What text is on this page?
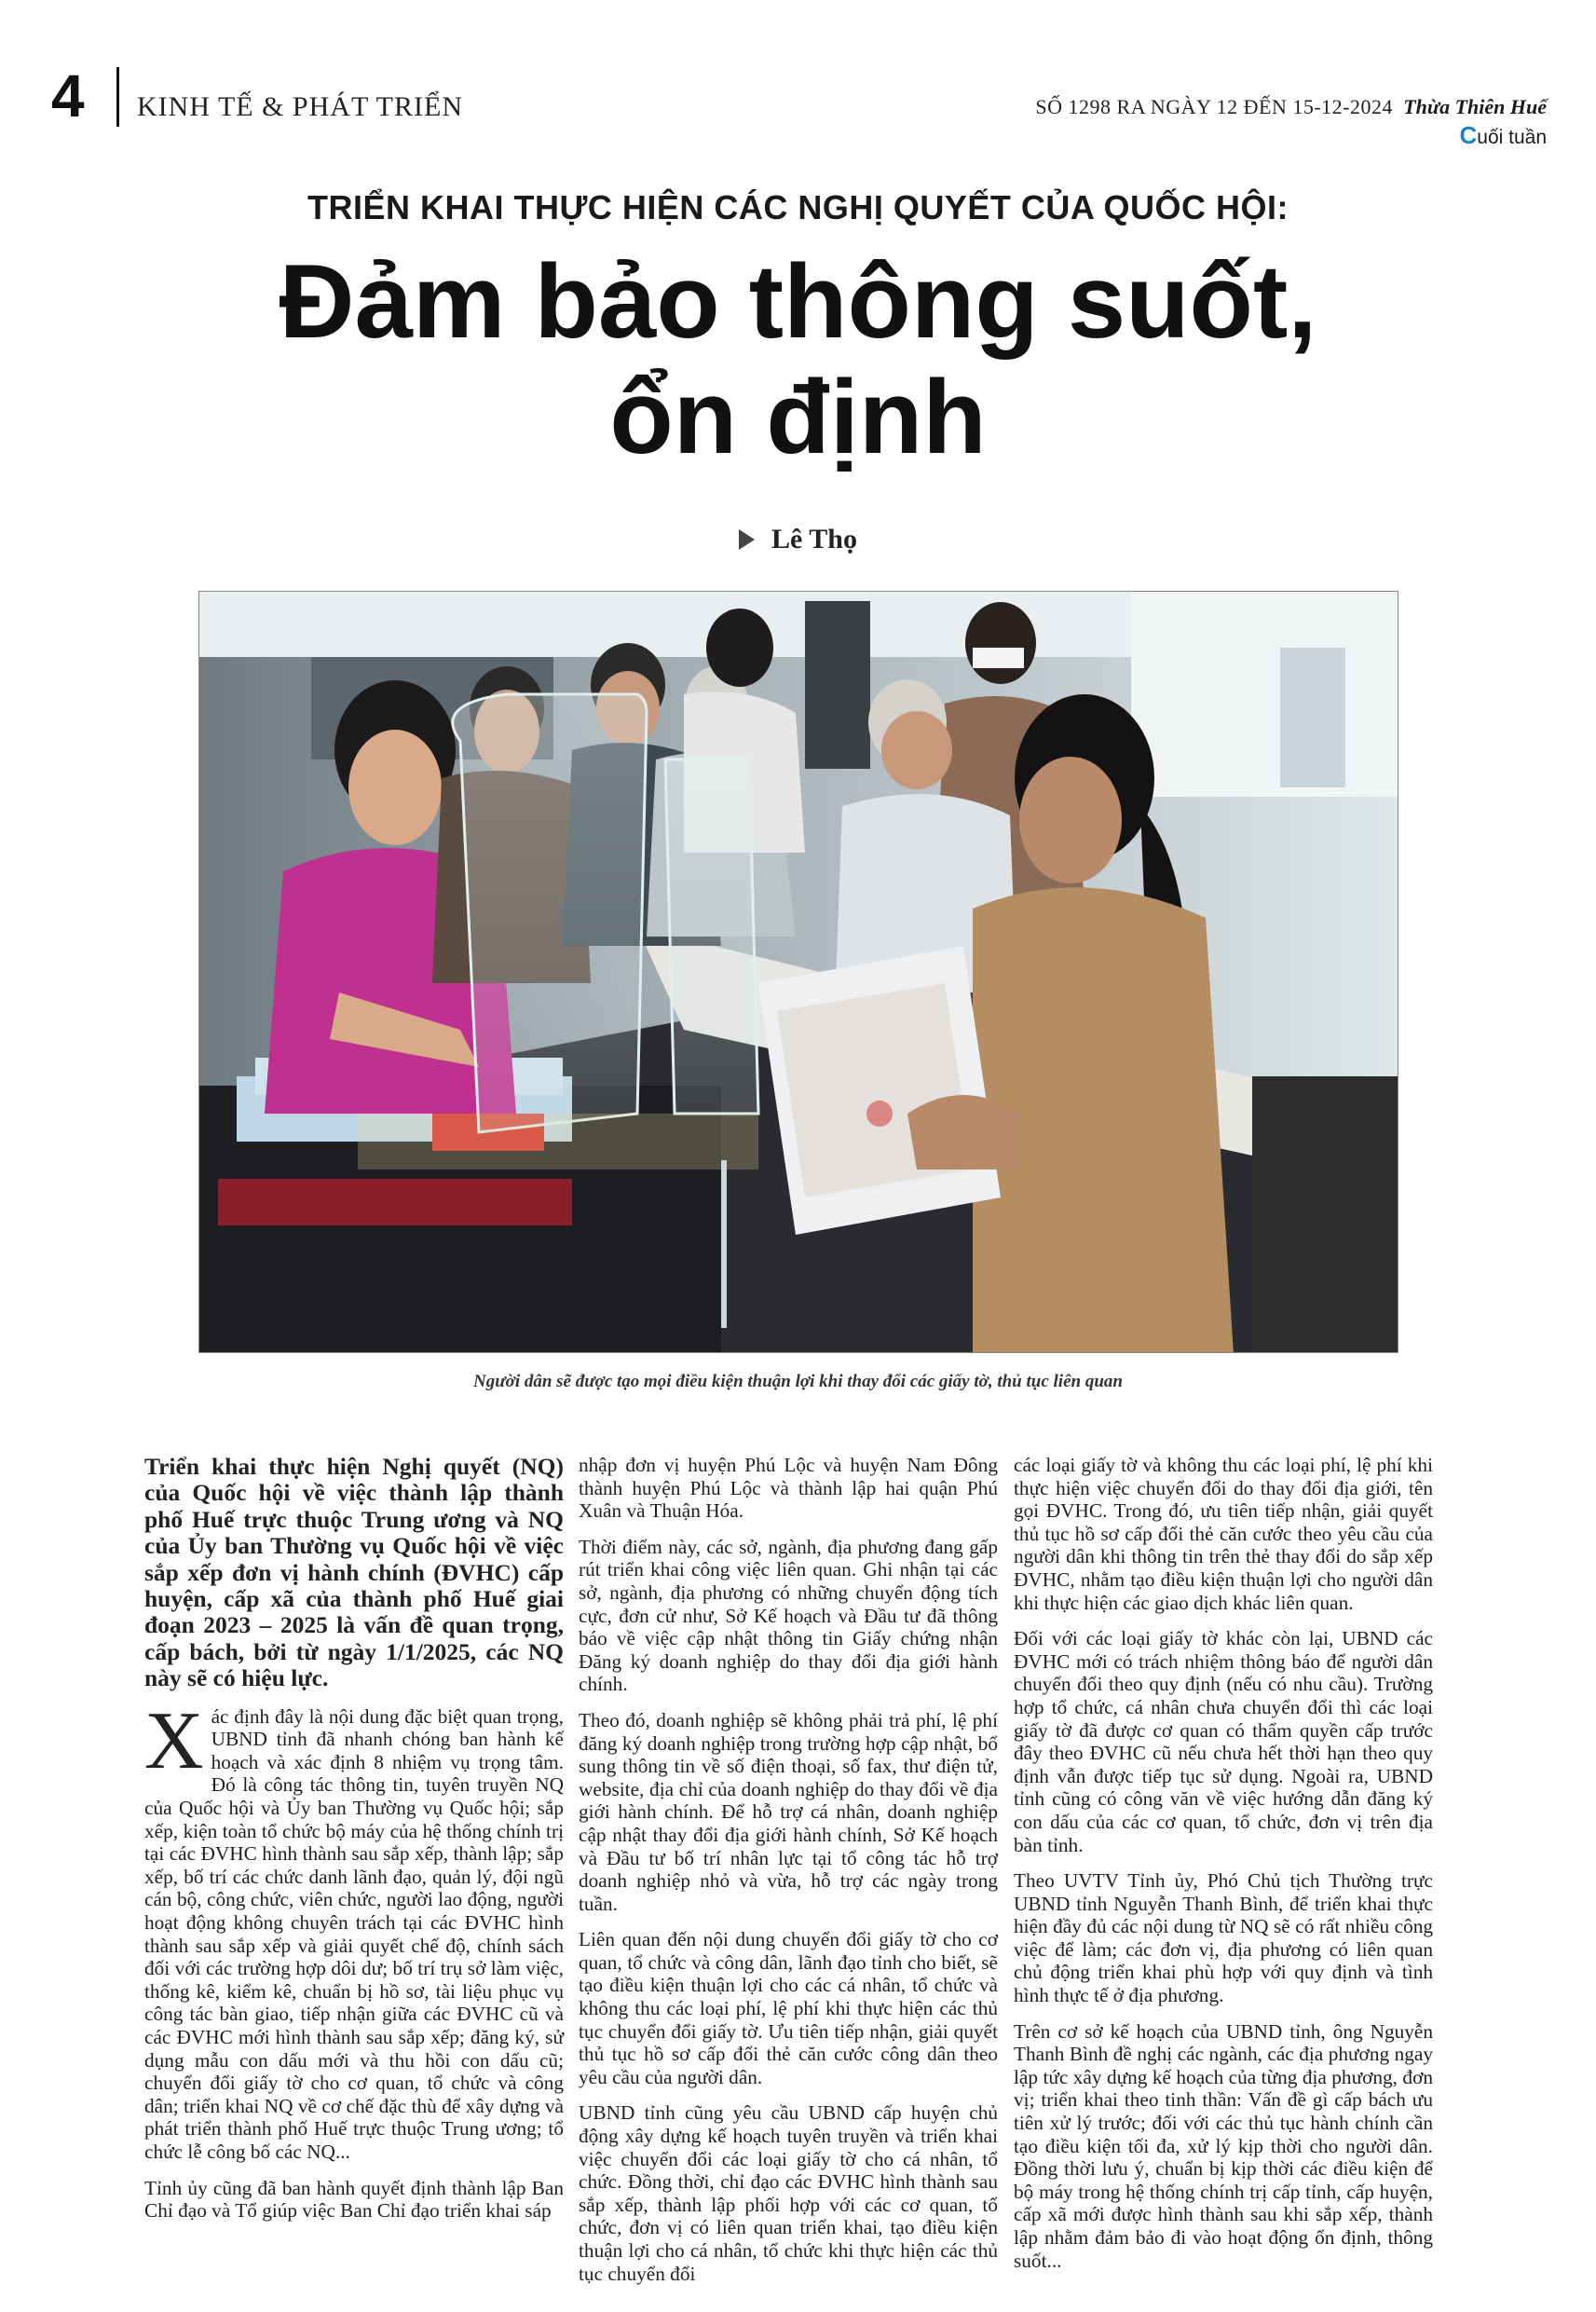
4 KINH TẾ & PHÁT TRIỂN	SỐ 1298 RA NGÀY 12 ĐẾN 15-12-2024 Thừa Thiên Huế
Cuối tuần
TRIỂN KHAI THỰC HIỆN CÁC NGHỊ QUYẾT CỦA QUỐC HỘI:
Đảm bảo thông suốt,
ổn định
Lê Thọ
Người dân sẽ được tạo mọi điều kiện thuận lợi khi thay đổi các giấy tờ, thủ tục liên quan

Triển khai thực hiện Nghị quyết (NQ) của Quốc hội về việc thành lập thành phố Huế trực thuộc Trung ương và NQ của Ủy ban Thường vụ Quốc hội về việc sắp xếp đơn vị hành chính (ĐVHC) cấp huyện, cấp xã của thành phố Huế giai đoạn 2023 – 2025 là vấn đề quan trọng, cấp bách, bởi từ ngày 1/1/2025, các NQ này sẽ có hiệu lực.

Xác định đây là nội dung đặc biệt quan trọng, UBND tỉnh đã nhanh chóng ban hành kế hoạch và xác định 8 nhiệm vụ trọng tâm. Đó là công tác thông tin, tuyên truyền NQ của Quốc hội và Ủy ban Thường vụ Quốc hội; sắp xếp, kiện toàn tổ chức bộ máy của hệ thống chính trị tại các ĐVHC hình thành sau sắp xếp, thành lập; sắp xếp, bố trí các chức danh lãnh đạo, quản lý, đội ngũ cán bộ, công chức, viên chức, người lao động, người hoạt động không chuyên trách tại các ĐVHC hình thành sau sắp xếp và giải quyết chế độ, chính sách đối với các trường hợp dôi dư; bố trí trụ sở làm việc, thống kê, kiểm kê, chuẩn bị hồ sơ, tài liệu phục vụ công tác bàn giao, tiếp nhận giữa các ĐVHC cũ và các ĐVHC mới hình thành sau sắp xếp; đăng ký, sử dụng mẫu con dấu mới và thu hồi con dấu cũ; chuyển đổi giấy tờ cho cơ quan, tổ chức và công dân; triển khai NQ về cơ chế đặc thù để xây dựng và phát triển thành phố Huế trực thuộc Trung ương; tổ chức lễ công bố các NQ...

Tỉnh ủy cũng đã ban hành quyết định thành lập Ban Chỉ đạo và Tổ giúp việc Ban Chỉ đạo triển khai sáp

nhập đơn vị huyện Phú Lộc và huyện Nam Đông thành huyện Phú Lộc và thành lập hai quận Phú Xuân và Thuận Hóa.

Thời điểm này, các sở, ngành, địa phương đang gấp rút triển khai công việc liên quan. Ghi nhận tại các sở, ngành, địa phương có những chuyển động tích cực, đơn cử như, Sở Kế hoạch và Đầu tư đã thông báo về việc cập nhật thông tin Giấy chứng nhận Đăng ký doanh nghiệp do thay đổi địa giới hành chính.

Theo đó, doanh nghiệp sẽ không phải trả phí, lệ phí đăng ký doanh nghiệp trong trường hợp cập nhật, bổ sung thông tin về số điện thoại, số fax, thư điện tử, website, địa chỉ của doanh nghiệp do thay đổi về địa giới hành chính. Để hỗ trợ cá nhân, doanh nghiệp cập nhật thay đổi địa giới hành chính, Sở Kế hoạch và Đầu tư bố trí nhân lực tại tổ công tác hỗ trợ doanh nghiệp nhỏ và vừa, hỗ trợ các ngày trong tuần.

Liên quan đến nội dung chuyển đổi giấy tờ cho cơ quan, tổ chức và công dân, lãnh đạo tỉnh cho biết, sẽ tạo điều kiện thuận lợi cho các cá nhân, tổ chức và không thu các loại phí, lệ phí khi thực hiện các thủ tục chuyển đổi giấy tờ. Ưu tiên tiếp nhận, giải quyết thủ tục hồ sơ cấp đổi thẻ căn cước công dân theo yêu cầu của người dân.

UBND tỉnh cũng yêu cầu UBND cấp huyện chủ động xây dựng kế hoạch tuyên truyền và triển khai việc chuyển đổi các loại giấy tờ cho cá nhân, tổ chức. Đồng thời, chỉ đạo các ĐVHC hình thành sau sắp xếp, thành lập phối hợp với các cơ quan, tổ chức, đơn vị có liên quan triển khai, tạo điều kiện thuận lợi cho cá nhân, tổ chức khi thực hiện các thủ tục chuyển đổi

các loại giấy tờ và không thu các loại phí, lệ phí khi thực hiện việc chuyển đổi do thay đổi địa giới, tên gọi ĐVHC. Trong đó, ưu tiên tiếp nhận, giải quyết thủ tục hồ sơ cấp đổi thẻ căn cước theo yêu cầu của người dân khi thông tin trên thẻ thay đổi do sắp xếp ĐVHC, nhằm tạo điều kiện thuận lợi cho người dân khi thực hiện các giao dịch khác liên quan.

Đối với các loại giấy tờ khác còn lại, UBND các ĐVHC mới có trách nhiệm thông báo để người dân chuyển đổi theo quy định (nếu có nhu cầu). Trường hợp tổ chức, cá nhân chưa chuyển đổi thì các loại giấy tờ đã được cơ quan có thẩm quyền cấp trước đây theo ĐVHC cũ nếu chưa hết thời hạn theo quy định vẫn được tiếp tục sử dụng. Ngoài ra, UBND tỉnh cũng có công văn về việc hướng dẫn đăng ký con dấu của các cơ quan, tổ chức, đơn vị trên địa bàn tỉnh.

Theo UVTV Tỉnh ủy, Phó Chủ tịch Thường trực UBND tỉnh Nguyễn Thanh Bình, để triển khai thực hiện đầy đủ các nội dung từ NQ sẽ có rất nhiều công việc để làm; các đơn vị, địa phương có liên quan chủ động triển khai phù hợp với quy định và tình hình thực tế ở địa phương.

Trên cơ sở kế hoạch của UBND tỉnh, ông Nguyễn Thanh Bình đề nghị các ngành, các địa phương ngay lập tức xây dựng kế hoạch của từng địa phương, đơn vị; triển khai theo tinh thần: Vấn đề gì cấp bách ưu tiên xử lý trước; đối với các thủ tục hành chính cần tạo điều kiện tối đa, xử lý kịp thời cho người dân. Đồng thời lưu ý, chuẩn bị kịp thời các điều kiện để bộ máy trong hệ thống chính trị cấp tỉnh, cấp huyện, cấp xã mới được hình thành sau khi sắp xếp, thành lập nhằm đảm bảo đi vào hoạt động ổn định, thông suốt...
